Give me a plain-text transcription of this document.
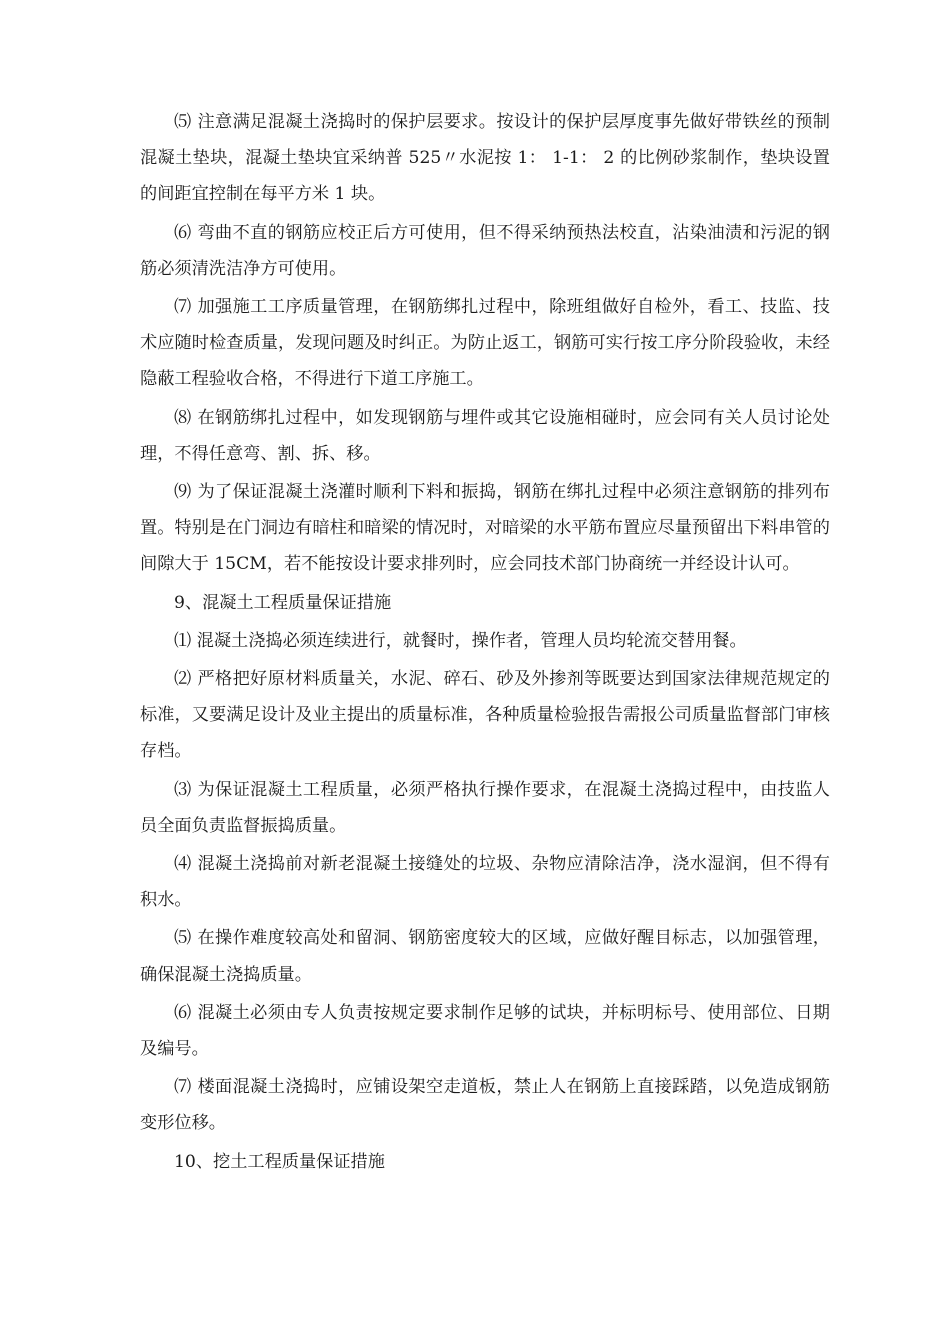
⑸ 注意满足混凝土浇捣时的保护层要求。按设计的保护层厚度事先做好带铁丝的预制混凝土垫块，混凝土垫块宜采纳普 525〃水泥按 1： 1-1： 2 的比例砂浆制作，垫块设置的间距宜控制在每平方米 1 块。

⑹ 弯曲不直的钢筋应校正后方可使用，但不得采纳预热法校直，沾染油渍和污泥的钢筋必须清洗洁净方可使用。

⑺ 加强施工工序质量管理，在钢筋绑扎过程中，除班组做好自检外，看工、技监、技术应随时检查质量，发现问题及时纠正。为防止返工，钢筋可实行按工序分阶段验收，未经隐蔽工程验收合格，不得进行下道工序施工。

⑻ 在钢筋绑扎过程中，如发现钢筋与埋件或其它设施相碰时，应会同有关人员讨论处理，不得任意弯、割、拆、移。

⑼ 为了保证混凝土浇灌时顺利下料和振捣，钢筋在绑扎过程中必须注意钢筋的排列布置。特别是在门洞边有暗柱和暗梁的情况时，对暗梁的水平筋布置应尽量预留出下料串管的间隙大于 15CM，若不能按设计要求排列时，应会同技术部门协商统一并经设计认可。

9、混凝土工程质量保证措施

⑴ 混凝土浇捣必须连续进行，就餐时，操作者，管理人员均轮流交替用餐。

⑵ 严格把好原材料质量关，水泥、碎石、砂及外掺剂等既要达到国家法律规范规定的标准，又要满足设计及业主提出的质量标准，各种质量检验报告需报公司质量监督部门审核存档。

⑶ 为保证混凝土工程质量，必须严格执行操作要求，在混凝土浇捣过程中，由技监人员全面负责监督振捣质量。

⑷ 混凝土浇捣前对新老混凝土接缝处的垃圾、杂物应清除洁净，浇水湿润，但不得有积水。

⑸ 在操作难度较高处和留洞、钢筋密度较大的区域，应做好醒目标志，以加强管理，确保混凝土浇捣质量。

⑹ 混凝土必须由专人负责按规定要求制作足够的试块，并标明标号、使用部位、日期及编号。

⑺ 楼面混凝土浇捣时，应铺设架空走道板，禁止人在钢筋上直接踩踏，以免造成钢筋变形位移。

10、挖土工程质量保证措施
